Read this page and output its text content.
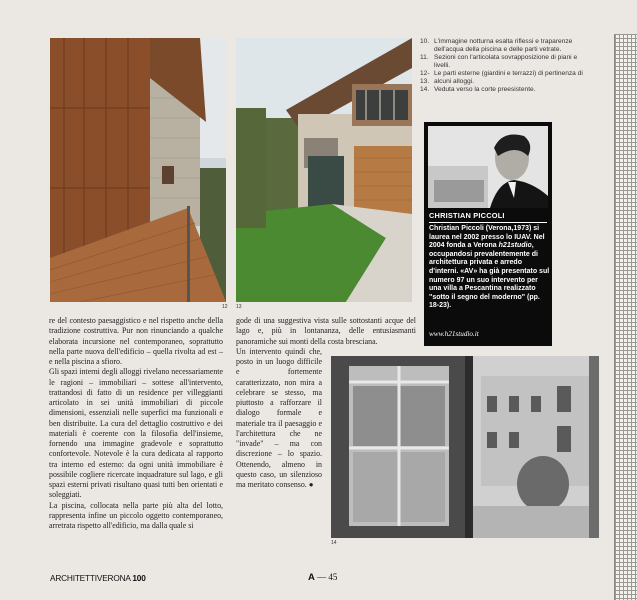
12 13
10. L'immagine notturna esalta riflessi e traparenze dell'acqua della piscina e delle parti vetrate.
11. Sezioni con l'articolata sovrapposizione di piani e livelli.
12-13.
Le parti esterne (giardini e terrazzi) di pertinenza di alcuni alloggi.
14. Veduta verso la corte preesistente.
CHRISTIAN PICCOLI
Christian Piccoli (Verona,1973) si laurea nel 2002 presso lo IUAV. Nel 2004 fonda a Verona h21studio, occupandosi prevalentemente di architettura privata e arredo d'interni. «AV» ha già presentato sul numero 97 un suo intervento per una villa a Pescantina realizzato "sotto il segno del moderno" (pp. 18-23).
www.h21studio.it

re del contesto paesaggistico e nel rispetto anche della tradizione costruttiva. Pur non rinunciando a qualche elaborata incursione nel contemporaneo, soprattutto nella parte nuova dell'edificio – quella rivolta ad est – e nella piscina a sfioro.

Gli spazi interni degli alloggi rivelano necessariamente le ragioni – immobiliari – sottese all'intervento, trattandosi di fatto di un residence per villeggianti articolato in sei unità immobiliari di piccole dimensioni, essenziali nelle superfici ma funzionali e ben distribuite. La cura del dettaglio costruttivo e dei materiali è coerente con la filosofia dell'insieme, fornendo una immagine gradevole e soprattutto confortevole. Notevole è la cura dedicata al rapporto tra interno ed esterno: da ogni unità immobiliare è possibile cogliere ricercate inquadrature sul lago, e gli spazi esterni privati risultano quasi tutti ben orientati e soleggiati.

La piscina, collocata nella parte più alta del lotto, rappresenta infine un piccolo oggetto contemporaneo, arretrata rispetto all'edificio, ma dalla quale si

gode di una suggestiva vista sulle sottostanti acque del lago e, più in lontananza, delle entusiasmanti panoramiche sui monti della costa bresciana.

Un intervento quindi che, posto in un luogo difficile e fortemente caratterizzato, non mira a celebrare se stesso, ma piuttosto a rafforzare il dialogo formale e materiale tra il paesaggio e l'architettura che ne "invade" – ma con discrezione – lo spazio. Ottenendo, almeno in questo caso, un silenzioso ma meritato consenso. ●

14
ARCHITETTIVERONA 100	A — 45
